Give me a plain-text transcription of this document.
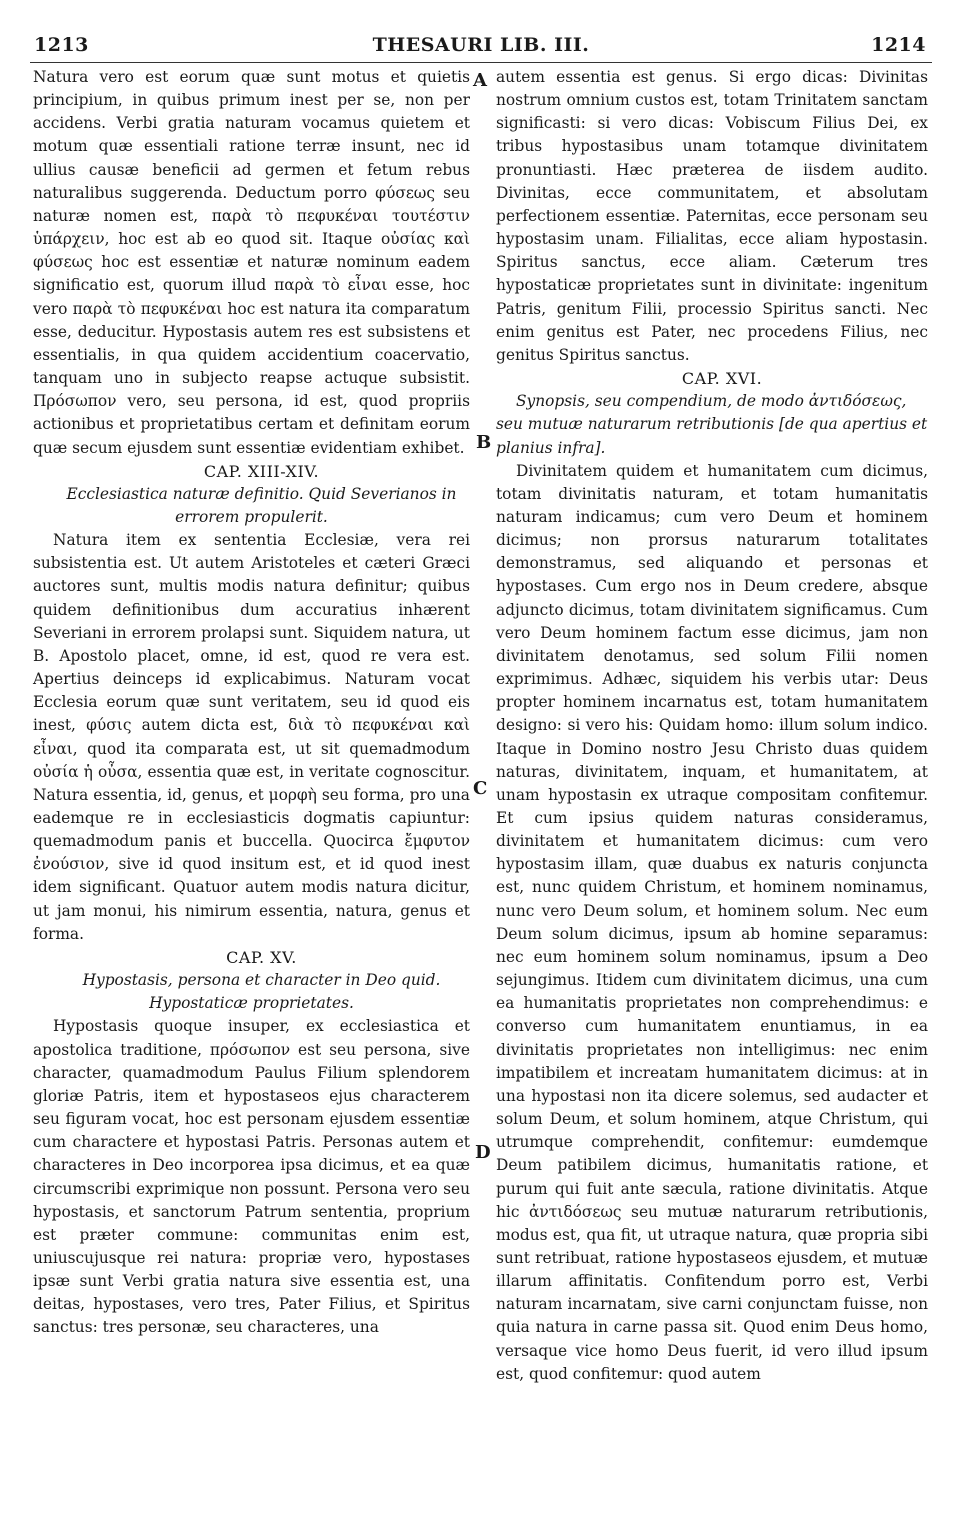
1213	THESAURI LIB. III.	1214

Natura vero est eorum quæ sunt motus et quietis principium, in quibus primum inest per se, non per accidens. Verbi gratia naturam vocamus quietem et motum quæ essentiali ratione terræ insunt, nec id ullius causæ beneficii ad germen et fetum rebus naturalibus suggerenda. Deductum porro φύσεως seu naturæ nomen est, παρὰ τὸ πεφυκέναι τουτέστιν ὑπάρχειν, hoc est ab eo quod sit. Itaque οὐσίας καὶ φύσεως hoc est essentiæ et naturæ nominum eadem significatio est, quorum illud παρὰ τὸ εἶναι esse, hoc vero παρὰ τὸ πεφυκέναι hoc est natura ita comparatum esse, deducitur. Hypostasis autem res est subsistens et essentialis, in qua quidem accidentium coacervatio, tanquam uno in subjecto reapse actuque subsistit. Πρόσωπον vero, seu persona, id est, quod propriis actionibus et proprietatibus certam et definitam eorum quæ secum ejusdem sunt essentiæ evidentiam exhibet.

CAP. XIII-XIV.

Ecclesiastica naturæ definitio. Quid Severianos in errorem propulerit.

Natura item ex sententia Ecclesiæ, vera rei subsistentia est. Ut autem Aristoteles et cæteri Græci auctores sunt, multis modis natura definitur; quibus quidem definitionibus dum accuratius inhærent Severiani in errorem prolapsi sunt. Siquidem natura, ut B. Apostolo placet, omne, id est, quod re vera est. Apertius deinceps id explicabimus. Naturam vocat Ecclesia eorum quæ sunt veritatem, seu id quod eis inest, φύσις autem dicta est, διὰ τὸ πεφυκέναι καὶ εἶναι, quod ita comparata est, ut sit quemadmodum οὐσία ἡ οὖσα, essentia quæ est, in veritate cognoscitur. Natura essentia, id, genus, et μορφὴ seu forma, pro una eademque re in ecclesiasticis dogmatis capiuntur: quemadmodum panis et buccella. Quocirca ἔμφυτον ἐνούσιον, sive id quod insitum est, et id quod inest idem significant. Quatuor autem modis natura dicitur, ut jam monui, his nimirum essentia, natura, genus et forma.

CAP. XV.

Hypostasis, persona et character in Deo quid. Hypostaticæ proprietates.

Hypostasis quoque insuper, ex ecclesiastica et apostolica traditione, πρόσωπον est seu persona, sive character, quamadmodum Paulus Filium splendorem gloriæ Patris, item et hypostaseos ejus characterem seu figuram vocat, hoc est personam ejusdem essentiæ cum charactere et hypostasi Patris. Personas autem et characteres in Deo incorporea ipsa dicimus, et ea quæ circumscribi exprimique non possunt. Persona vero seu hypostasis, et sanctorum Patrum sententia, proprium est præter commune: communitas enim est, uniuscujusque rei natura: propriæ vero, hypostases ipsæ sunt Verbi gratia natura sive essentia est, una deitas, hypostases, vero tres, Pater Filius, et Spiritus sanctus: tres personæ, seu characteres, una

A
B
C
D

autem essentia est genus. Si ergo dicas: Divinitas nostrum omnium custos est, totam Trinitatem sanctam significasti: si vero dicas: Vobiscum Filius Dei, ex tribus hypostasibus unam totamque divinitatem pronuntiasti. Hæc præterea de iisdem audito. Divinitas, ecce communitatem, et absolutam perfectionem essentiæ. Paternitas, ecce personam seu hypostasim unam. Filialitas, ecce aliam hypostasin. Spiritus sanctus, ecce aliam. Cæterum tres hypostaticæ proprietates sunt in divinitate: ingenitum Patris, genitum Filii, processio Spiritus sancti. Nec enim genitus est Pater, nec procedens Filius, nec genitus Spiritus sanctus.

CAP. XVI.

Synopsis, seu compendium, de modo ἀντιδόσεως, seu mutuæ naturarum retributionis [de qua apertius et planius infra].

Divinitatem quidem et humanitatem cum dicimus, totam divinitatis naturam, et totam humanitatis naturam indicamus; cum vero Deum et hominem dicimus; non prorsus naturarum totalitates demonstramus, sed aliquando et personas et hypostases. Cum ergo nos in Deum credere, absque adjuncto dicimus, totam divinitatem significamus. Cum vero Deum hominem factum esse dicimus, jam non divinitatem denotamus, sed solum Filii nomen exprimimus. Adhæc, siquidem his verbis utar: Deus propter hominem incarnatus est, totam humanitatem designo: si vero his: Quidam homo: illum solum indico. Itaque in Domino nostro Jesu Christo duas quidem naturas, divinitatem, inquam, et humanitatem, at unam hypostasin ex utraque compositam confitemur. Et cum ipsius quidem naturas consideramus, divinitatem et humanitatem dicimus: cum vero hypostasim illam, quæ duabus ex naturis conjuncta est, nunc quidem Christum, et hominem nominamus, nunc vero Deum solum, et hominem solum. Nec eum Deum solum dicimus, ipsum ab homine separamus: nec eum hominem solum nominamus, ipsum a Deo sejungimus. Itidem cum divinitatem dicimus, una cum ea humanitatis proprietates non comprehendimus: e converso cum humanitatem enuntiamus, in ea divinitatis proprietates non intelligimus: nec enim impatibilem et increatam humanitatem dicimus: at in una hypostasi non ita dicere solemus, sed audacter et solum Deum, et solum hominem, atque Christum, qui utrumque comprehendit, confitemur: eumdemque Deum patibilem dicimus, humanitatis ratione, et purum qui fuit ante sæcula, ratione divinitatis. Atque hic ἀντιδόσεως seu mutuæ naturarum retributionis, modus est, qua fit, ut utraque natura, quæ propria sibi sunt retribuat, ratione hypostaseos ejusdem, et mutuæ illarum affinitatis. Confitendum porro est, Verbi naturam incarnatam, sive carni conjunctam fuisse, non quia natura in carne passa sit. Quod enim Deus homo, versaque vice homo Deus fuerit, id vero illud ipsum est, quod confitemur: quod autem
